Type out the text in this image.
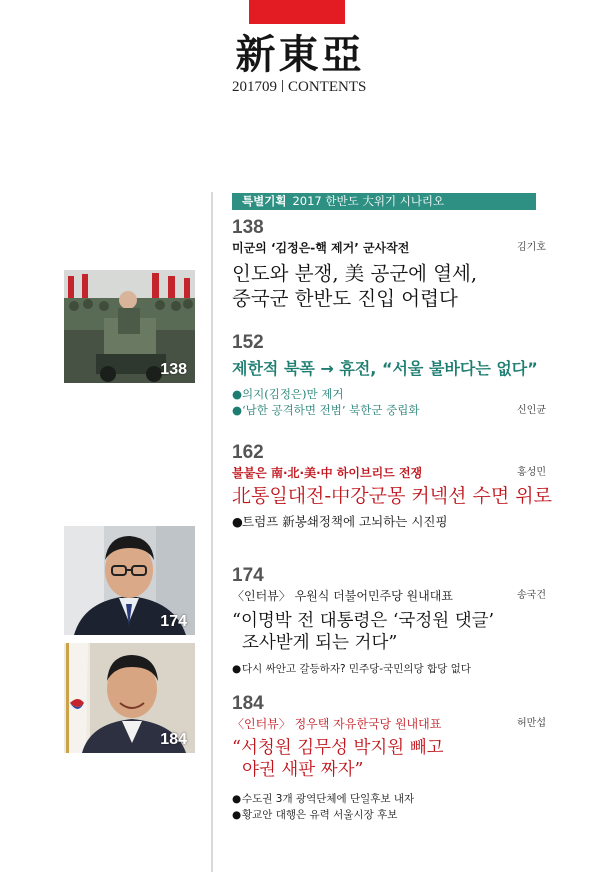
新東亞
201709 CONTENTS
특별기획 2017 한반도 大위기 시나리오
138
174
184
138
미군의 ‘김정은-핵 제거’ 군사작전	김기호
인도와 분쟁, 美 공군에 열세,
중국군 한반도 진입 어렵다
152
제한적 북폭 → 휴전, “서울 불바다는 없다”
●의지(김정은)만 제거
●‘남한 공격하면 전범’ 북한군 중립화	신인균
162
불붙은 南·北·美·中 하이브리드 전쟁	홍성민
北통일대전-中강군몽 커넥션 수면 위로
●트럼프 新봉쇄정책에 고뇌하는 시진핑
174
〈인터뷰〉 우원식 더불어민주당 원내대표	송국건
“이명박 전 대통령은 ‘국정원 댓글’
조사받게 되는 거다”
●다시 싸안고 갈등하자? 민주당-국민의당 합당 없다
184
〈인터뷰〉 정우택 자유한국당 원내대표	허만섭
“서청원 김무성 박지원 빼고
야권 새판 짜자”
●수도권 3개 광역단체에 단일후보 내자
●황교안 대행은 유력 서울시장 후보
